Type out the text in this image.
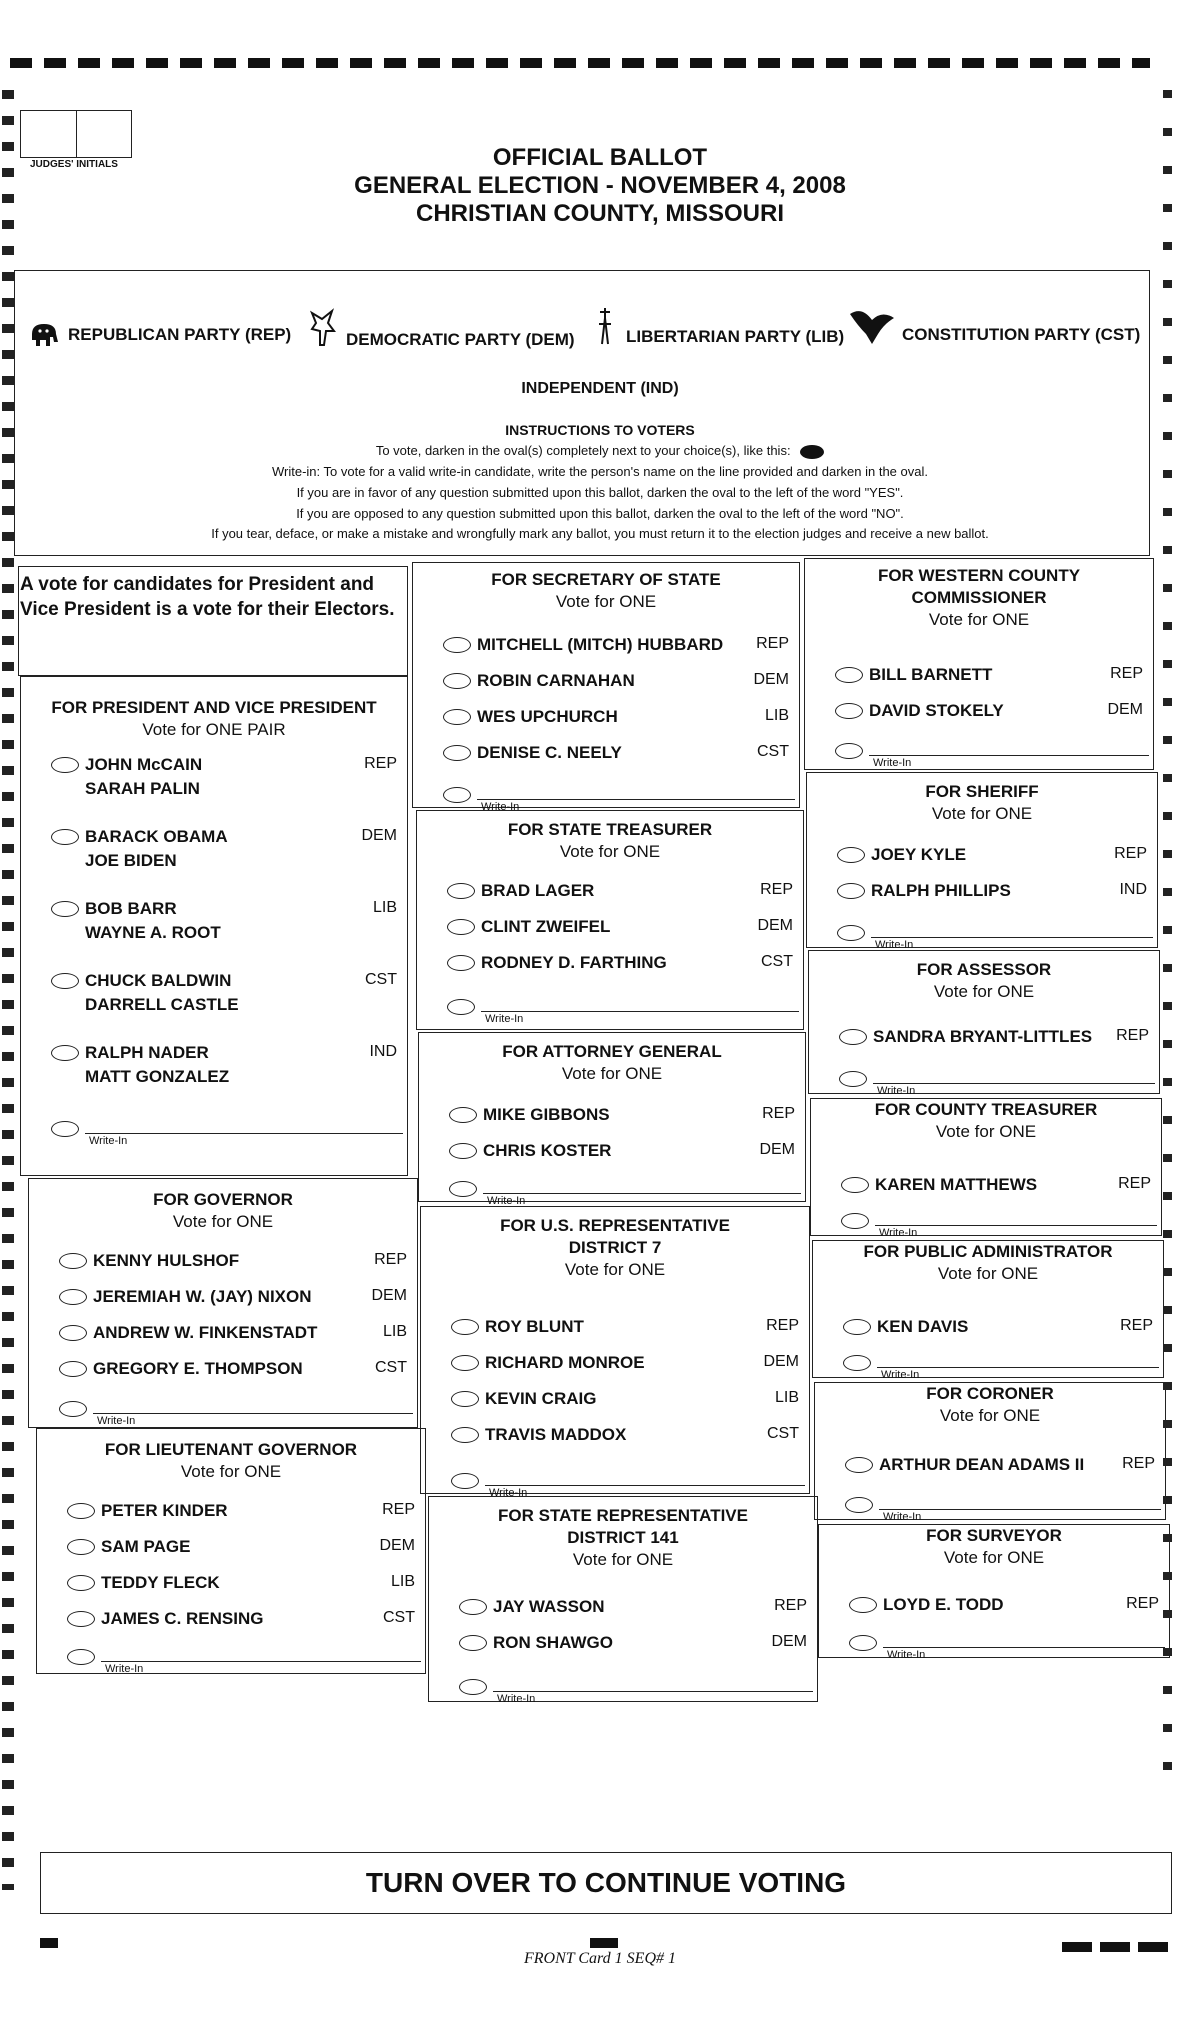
JUDGES' INITIALS	OFFICIAL BALLOT
GENERAL ELECTION - NOVEMBER 4, 2008
CHRISTIAN COUNTY, MISSOURI
REPUBLICAN PARTY (REP)	DEMOCRATIC PARTY (DEM)	LIBERTARIAN PARTY (LIB)	CONSTITUTION PARTY (CST)
INDEPENDENT (IND)
INSTRUCTIONS TO VOTERS
To vote, darken in the oval(s) completely next to your choice(s), like this:
Write-in: To vote for a valid write-in candidate, write the person's name on the line provided and darken in the oval.
If you are in favor of any question submitted upon this ballot, darken the oval to the left of the word "YES".
If you are opposed to any question submitted upon this ballot, darken the oval to the left of the word "NO".
If you tear, deface, or make a mistake and wrongfully mark any ballot, you must return it to the election judges and receive a new ballot.
A vote for candidates for President and Vice President is a vote for their Electors.
FOR PRESIDENT AND VICE PRESIDENT
Vote for ONE PAIR
JOHN McCAIN
SARAH PALIN
REP
BARACK OBAMA
JOE BIDEN
DEM
BOB BARR
WAYNE A. ROOT
LIB
CHUCK BALDWIN
DARRELL CASTLE
CST
RALPH NADER
MATT GONZALEZ
IND
Write-In
FOR GOVERNOR
Vote for ONE
KENNY HULSHOF	REP
JEREMIAH W. (JAY) NIXON	DEM
ANDREW W. FINKENSTADT	LIB
GREGORY E. THOMPSON	CST
Write-In
FOR LIEUTENANT GOVERNOR
Vote for ONE
PETER KINDER	REP
SAM PAGE	DEM
TEDDY FLECK	LIB
JAMES C. RENSING	CST
Write-In
FOR SECRETARY OF STATE
Vote for ONE
MITCHELL (MITCH) HUBBARD REP
ROBIN CARNAHAN	DEM
WES UPCHURCH	LIB
DENISE C. NEELY	CST
Write-In
FOR STATE TREASURER
Vote for ONE
BRAD LAGER	REP
CLINT ZWEIFEL	DEM
RODNEY D. FARTHING	CST
Write-In
FOR ATTORNEY GENERAL
Vote for ONE
MIKE GIBBONS	REP
CHRIS KOSTER	DEM
Write-In
FOR U.S. REPRESENTATIVE
DISTRICT 7
Vote for ONE
ROY BLUNT	REP
RICHARD MONROE	DEM
KEVIN CRAIG	LIB
TRAVIS MADDOX	CST
Write-In
FOR STATE REPRESENTATIVE
DISTRICT 141
Vote for ONE
JAY WASSON	REP
RON SHAWGO	DEM
Write-In
FOR WESTERN COUNTY
COMMISSIONER
Vote for ONE
BILL BARNETT	REP
DAVID STOKELY	DEM
Write-In
FOR SHERIFF
Vote for ONE
JOEY KYLE	REP
RALPH PHILLIPS	IND
Write-In
FOR ASSESSOR
Vote for ONE
SANDRA BRYANT-LITTLES REP
Write-In
FOR COUNTY TREASURER
Vote for ONE
KAREN MATTHEWS	REP
Write-In
FOR PUBLIC ADMINISTRATOR
Vote for ONE
KEN DAVIS	REP
Write-In
FOR CORONER
Vote for ONE
ARTHUR DEAN ADAMS II REP
Write-In
FOR SURVEYOR
Vote for ONE
LOYD E. TODD	REP
Write-In
TURN OVER TO CONTINUE VOTING
FRONT Card 1 SEQ# 1
